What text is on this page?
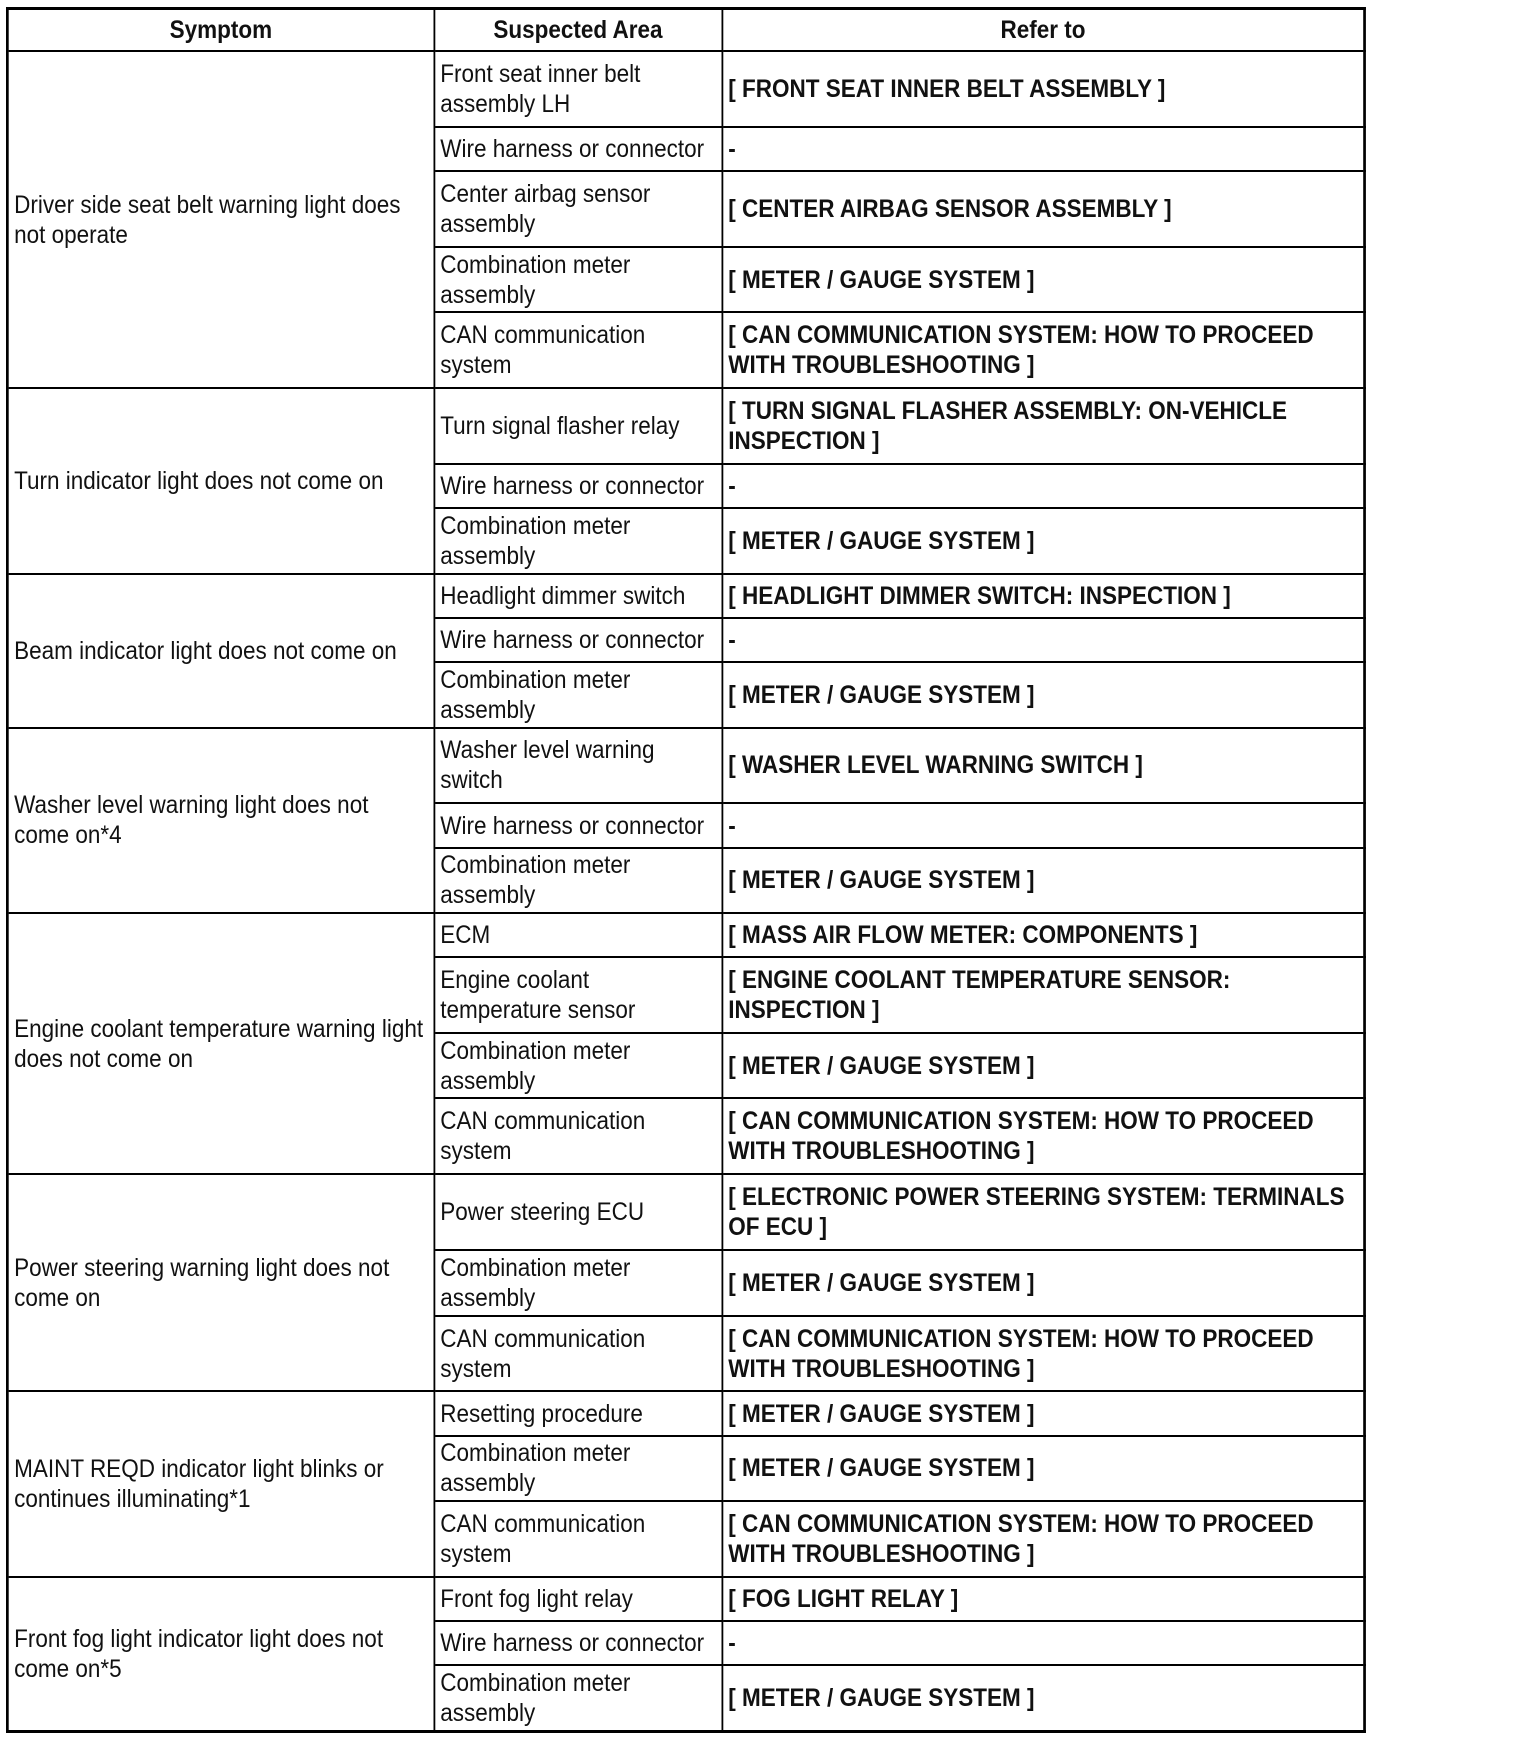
Symptom	Suspected Area	Refer to
Driver side seat belt warning light does not operate	Front seat inner belt assembly LH	[ FRONT SEAT INNER BELT ASSEMBLY ]
	Wire harness or connector	-
	Center airbag sensor assembly	[ CENTER AIRBAG SENSOR ASSEMBLY ]
	Combination meter assembly	[ METER / GAUGE SYSTEM ]
	CAN communication system	[ CAN COMMUNICATION SYSTEM: HOW TO PROCEED WITH TROUBLESHOOTING ]
Turn indicator light does not come on	Turn signal flasher relay	[ TURN SIGNAL FLASHER ASSEMBLY: ON-VEHICLE INSPECTION ]
	Wire harness or connector	-
	Combination meter assembly	[ METER / GAUGE SYSTEM ]
Beam indicator light does not come on	Headlight dimmer switch	[ HEADLIGHT DIMMER SWITCH: INSPECTION ]
	Wire harness or connector	-
	Combination meter assembly	[ METER / GAUGE SYSTEM ]
Washer level warning light does not come on*4	Washer level warning switch	[ WASHER LEVEL WARNING SWITCH ]
	Wire harness or connector	-
	Combination meter assembly	[ METER / GAUGE SYSTEM ]
Engine coolant temperature warning light does not come on	ECM	[ MASS AIR FLOW METER: COMPONENTS ]
	Engine coolant temperature sensor	[ ENGINE COOLANT TEMPERATURE SENSOR: INSPECTION ]
	Combination meter assembly	[ METER / GAUGE SYSTEM ]
	CAN communication system	[ CAN COMMUNICATION SYSTEM: HOW TO PROCEED WITH TROUBLESHOOTING ]
Power steering warning light does not come on	Power steering ECU	[ ELECTRONIC POWER STEERING SYSTEM: TERMINALS OF ECU ]
	Combination meter assembly	[ METER / GAUGE SYSTEM ]
	CAN communication system	[ CAN COMMUNICATION SYSTEM: HOW TO PROCEED WITH TROUBLESHOOTING ]
MAINT REQD indicator light blinks or continues illuminating*1	Resetting procedure	[ METER / GAUGE SYSTEM ]
	Combination meter assembly	[ METER / GAUGE SYSTEM ]
	CAN communication system	[ CAN COMMUNICATION SYSTEM: HOW TO PROCEED WITH TROUBLESHOOTING ]
Front fog light indicator light does not come on*5	Front fog light relay	[ FOG LIGHT RELAY ]
	Wire harness or connector	-
	Combination meter assembly	[ METER / GAUGE SYSTEM ]
